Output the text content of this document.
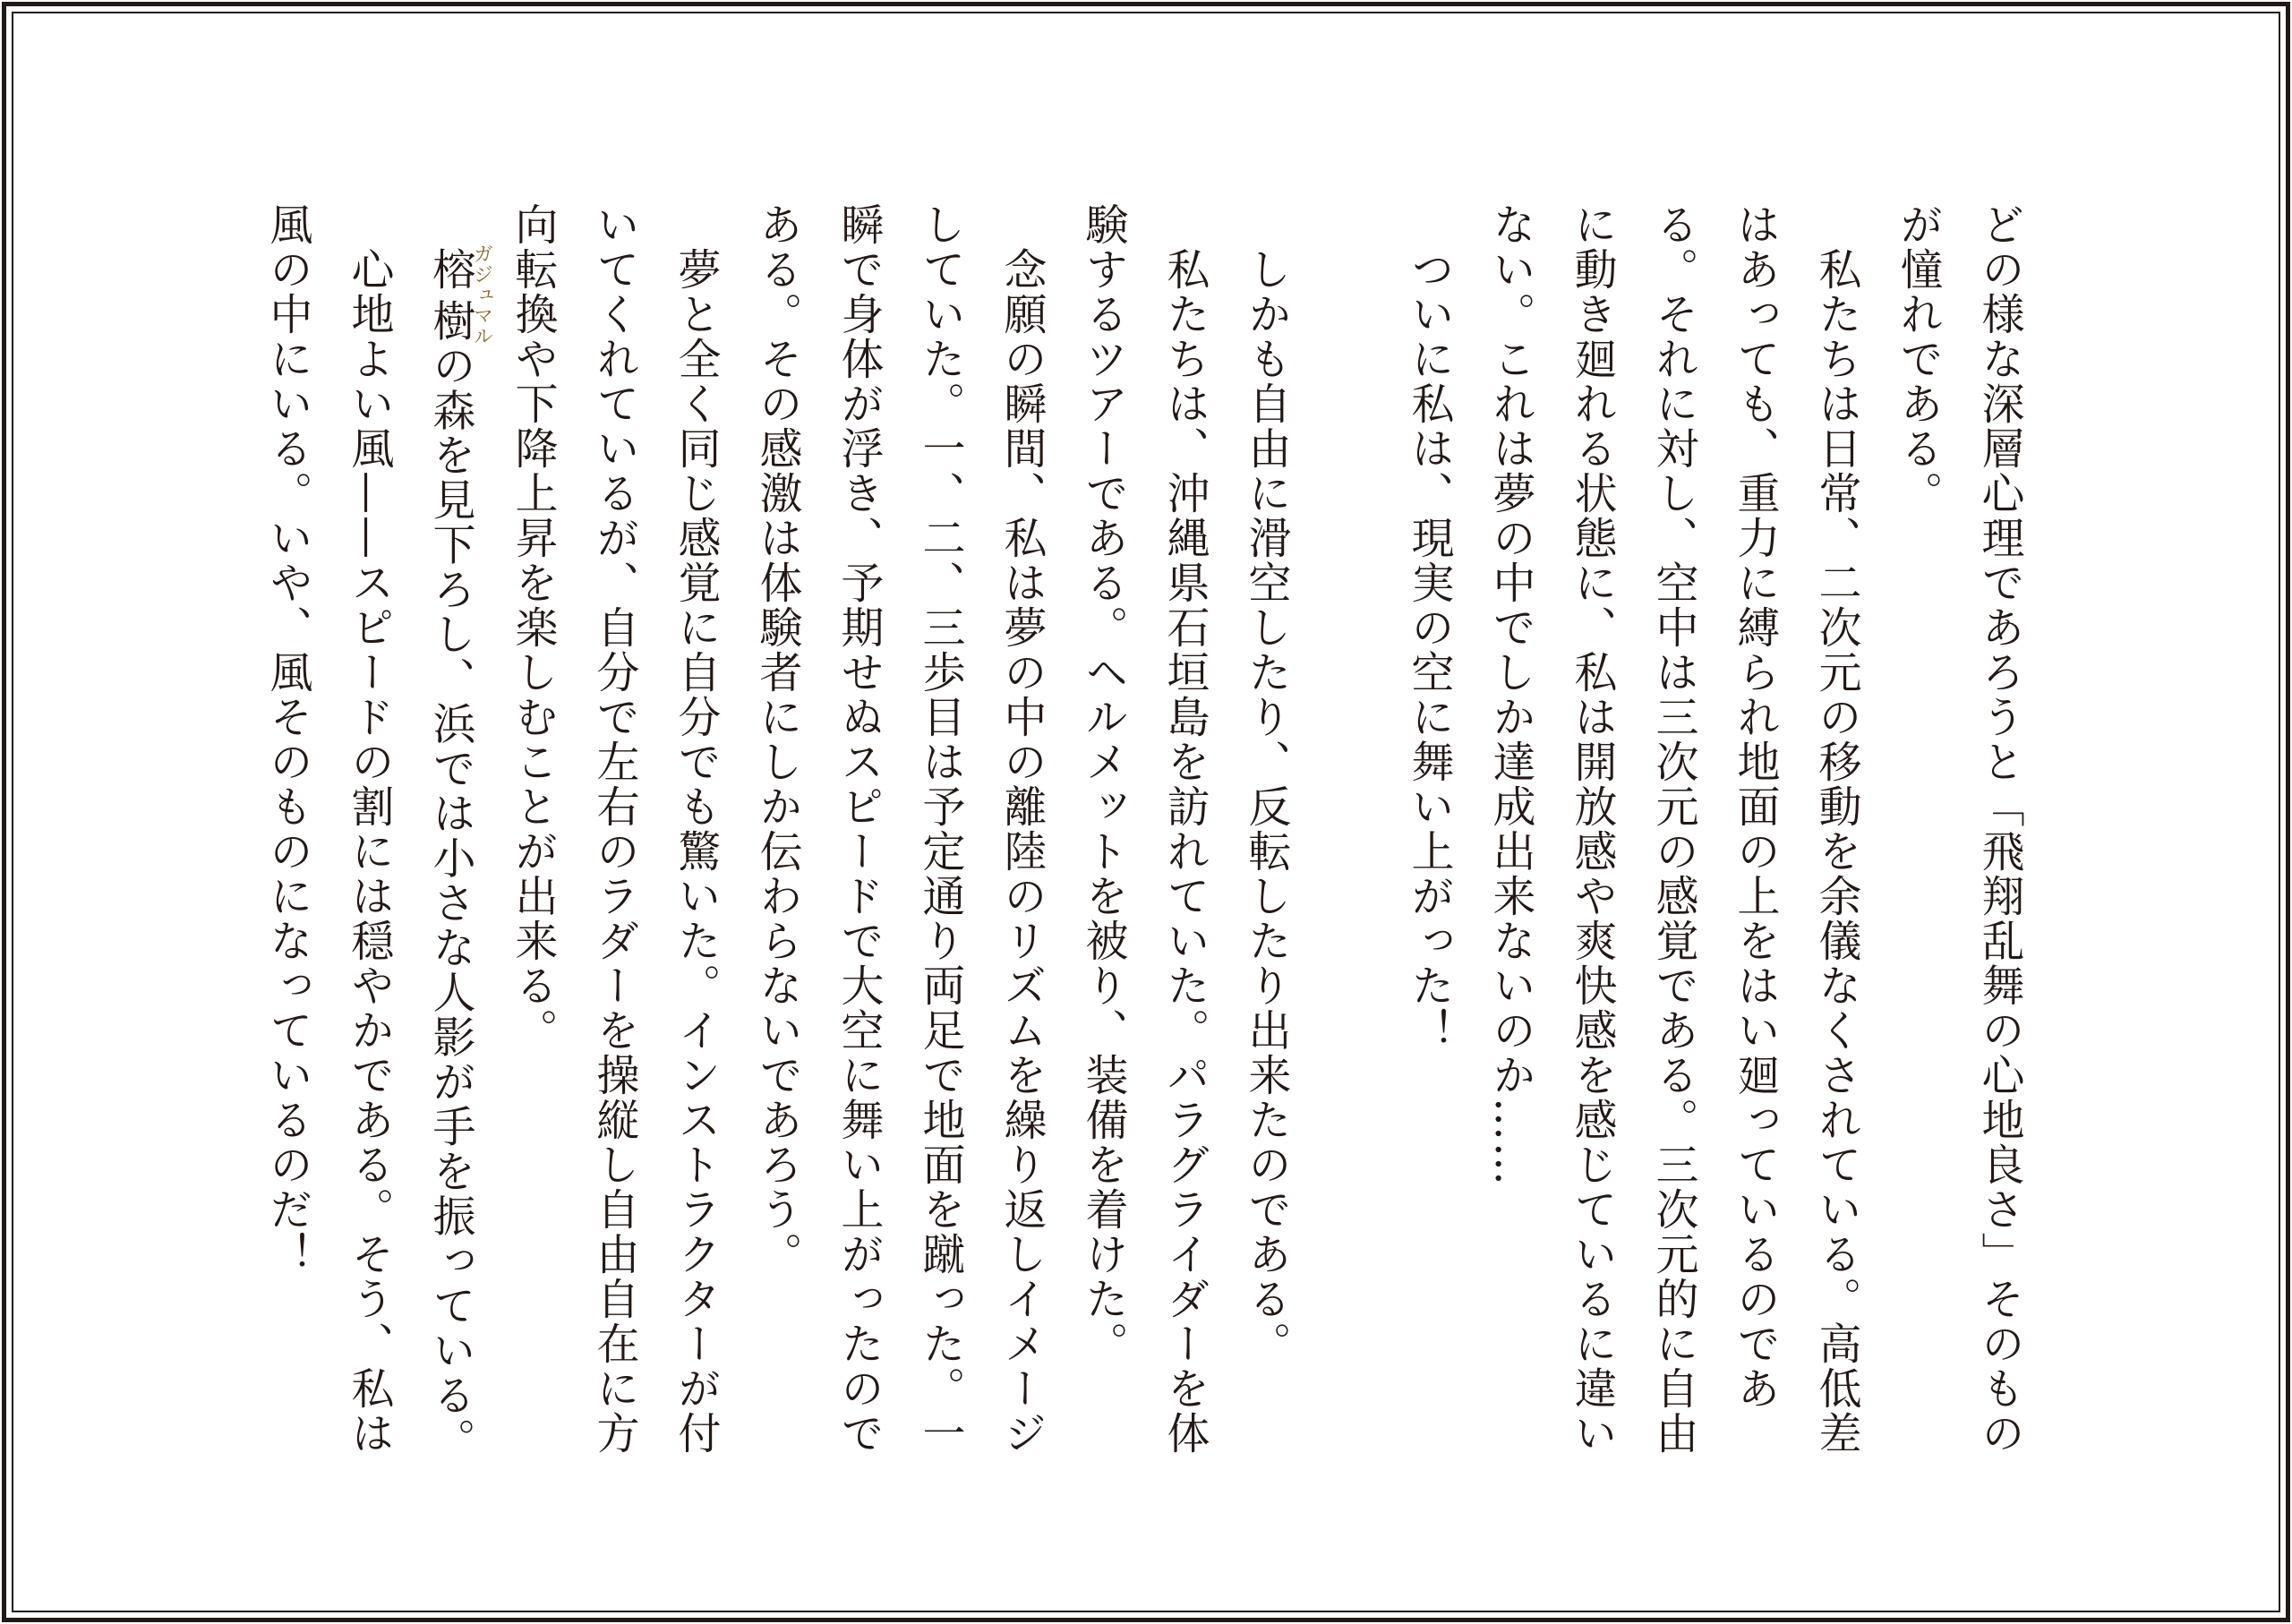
どの様な深層心理であろうと「飛翔乱舞の心地良さ」そのものが憧れである。

　私たちは日常、二次元の移動を余儀なくされている。高低差はあっても、重力に縛られ地面の上をはい廻っているのである。それに対し、空中は三次元の感覚である。三次元的に自由に動き廻れる状態に、私は開放感や爽快感を感じているに違いない。これは夢の中でしか達成出来ないのか……

　ついに私は、現実の空に舞い上がった！

　しかも自由に滑空したり、反転したり出来たのである。

　私たちは、沖縄県石垣島を訪れていた。パラグライダーを体験するツアーである。ヘルメットを被り、装備を着けた。

　念願の瞬間、私は夢の中の離陸のリズムを繰り返しイメージしていた。一、二、三歩目は予定通り両足で地面を蹴った。一瞬で身体が浮き、予期せぬスピードで大空に舞い上がったのである。その感激は体験者にしか伝わらないであろう。

　夢と全く同じ感覚に自分でも驚いた。インストラクターが付いてくれているが、自分で左右のラダーを操縦し自由自在に方向転換や下降上昇を楽しむことが出来る。

　榕樹ガジュマルの森を見下ろし、浜では小さな人影が手を振っている。

　心地よい風——スピードの割には穏やかである。そう、私は風の中にいる。いや、風そのものになっているのだ！
